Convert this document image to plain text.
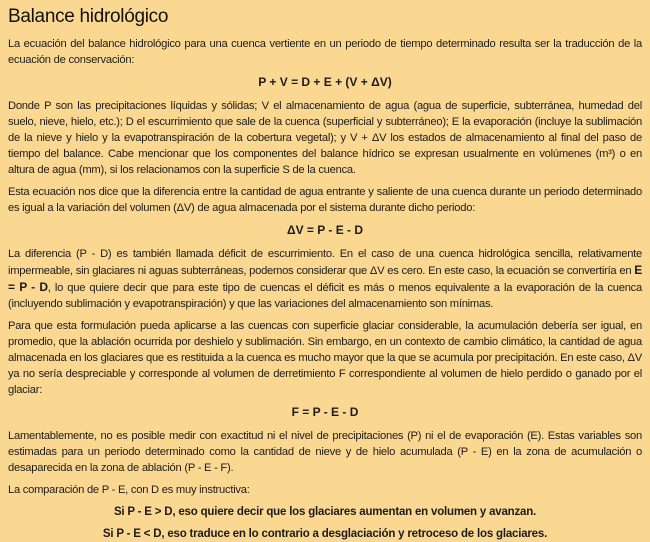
Balance hidrológico

La ecuación del balance hidrológico para una cuenca vertiente en un periodo de tiempo determinado resulta ser la traducción de la ecuación de conservación:

P + V = D + E + (V + ΔV)

Donde P son las precipitaciones líquidas y sólidas; V el almacenamiento de agua (agua de superficie, subterránea, humedad del suelo, nieve, hielo, etc.); D el escurrimiento que sale de la cuenca (superficial y subterráneo); E la evaporación (incluye la sublimación de la nieve y hielo y la evapotranspiración de la cobertura vegetal); y V + ΔV los estados de almacenamiento al final del paso de tiempo del balance. Cabe mencionar que los componentes del balance hídrico se expresan usualmente en volúmenes (m³) o en altura de agua (mm), si los relacionamos con la superficie S de la cuenca.

Esta ecuación nos dice que la diferencia entre la cantidad de agua entrante y saliente de una cuenca durante un periodo determinado es igual a la variación del volumen (ΔV) de agua almacenada por el sistema durante dicho periodo:

ΔV = P - E - D

La diferencia (P - D) es también llamada déficit de escurrimiento. En el caso de una cuenca hidrológica sencilla, relativamente impermeable, sin glaciares ni aguas subterráneas, podemos considerar que ΔV es cero. En este caso, la ecuación se convertiría en E = P - D, lo que quiere decir que para este tipo de cuencas el déficit es más o menos equivalente a la evaporación de la cuenca (incluyendo sublimación y evapotranspiración) y que las variaciones del almacenamiento son mínimas.

Para que esta formulación pueda aplicarse a las cuencas con superficie glaciar considerable, la acumulación debería ser igual, en promedio, que la ablación ocurrida por deshielo y sublimación. Sin embargo, en un contexto de cambio climático, la cantidad de agua almacenada en los glaciares que es restituida a la cuenca es mucho mayor que la que se acumula por precipitación. En este caso, ΔV ya no sería despreciable y corresponde al volumen de derretimiento F correspondiente al volumen de hielo perdido o ganado por el glaciar:

F = P - E - D

Lamentablemente, no es posible medir con exactitud ni el nivel de precipitaciones (P) ni el de evaporación (E). Estas variables son estimadas para un periodo determinado como la cantidad de nieve y de hielo acumulada (P - E) en la zona de acumulación o desaparecida en la zona de ablación (P - E - F).

La comparación de P - E, con D es muy instructiva:

Si P - E > D, eso quiere decir que los glaciares aumentan en volumen y avanzan.
Si P - E < D, eso traduce en lo contrario a desglaciación y retroceso de los glaciares.
